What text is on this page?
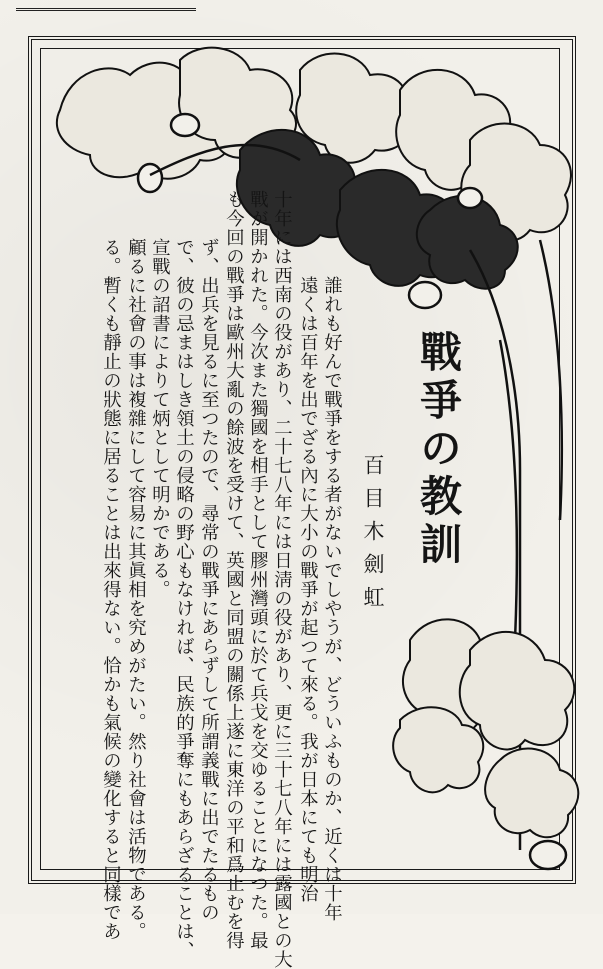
戰爭の教訓
百目木劍虹
誰れも好んで戰爭をする者がないでしやうが、どういふものか、近くは十年
遠くは百年を出でざる內に大小の戰爭が起つて來る。我が日本にても明治
十年には西南の役があり、二十七八年には日淸の役があり、更に三十七八年には露國との大
戰が開かれた。今次また獨國を相手として膠州灣頭に於て兵戈を交ゆることになつた。最
も今回の戰爭は歐州大亂の餘波を受けて、英國と同盟の關係上遂に東洋の平和爲止むを得
ず、出兵を見るに至つたので、尋常の戰爭にあらずして所謂義戰に出でたるもの
で、彼の忌まはしき領土の侵略の野心もなければ、民族的爭奪にもあらざることは、
宣戰の詔書によりて炳として明かである。
顧るに社會の事は複雜にして容易に其眞相を究めがたい。然り社會は活物である。
る。暫くも靜止の狀態に居ることは出來得ない。恰かも氣候の變化すると同樣であ
